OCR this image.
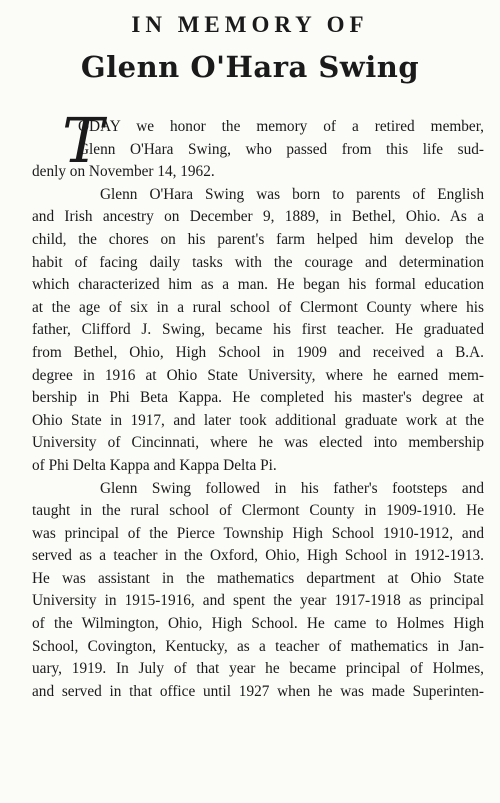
IN MEMORY OF
Glenn O'Hara Swing
T
ODAY we honor the memory of a retired member,
Glenn O'Hara Swing, who passed from this life sud-
denly on November 14, 1962.
Glenn O'Hara Swing was born to parents of English
and Irish ancestry on December 9, 1889, in Bethel, Ohio. As a
child, the chores on his parent's farm helped him develop the
habit of facing daily tasks with the courage and determination
which characterized him as a man. He began his formal education
at the age of six in a rural school of Clermont County where his
father, Clifford J. Swing, became his first teacher. He graduated
from Bethel, Ohio, High School in 1909 and received a B.A.
degree in 1916 at Ohio State University, where he earned mem-
bership in Phi Beta Kappa. He completed his master's degree at
Ohio State in 1917, and later took additional graduate work at the
University of Cincinnati, where he was elected into membership
of Phi Delta Kappa and Kappa Delta Pi.
Glenn Swing followed in his father's footsteps and
taught in the rural school of Clermont County in 1909-1910. He
was principal of the Pierce Township High School 1910-1912, and
served as a teacher in the Oxford, Ohio, High School in 1912-1913.
He was assistant in the mathematics department at Ohio State
University in 1915-1916, and spent the year 1917-1918 as principal
of the Wilmington, Ohio, High School. He came to Holmes High
School, Covington, Kentucky, as a teacher of mathematics in Jan-
uary, 1919. In July of that year he became principal of Holmes,
and served in that office until 1927 when he was made Superinten-
